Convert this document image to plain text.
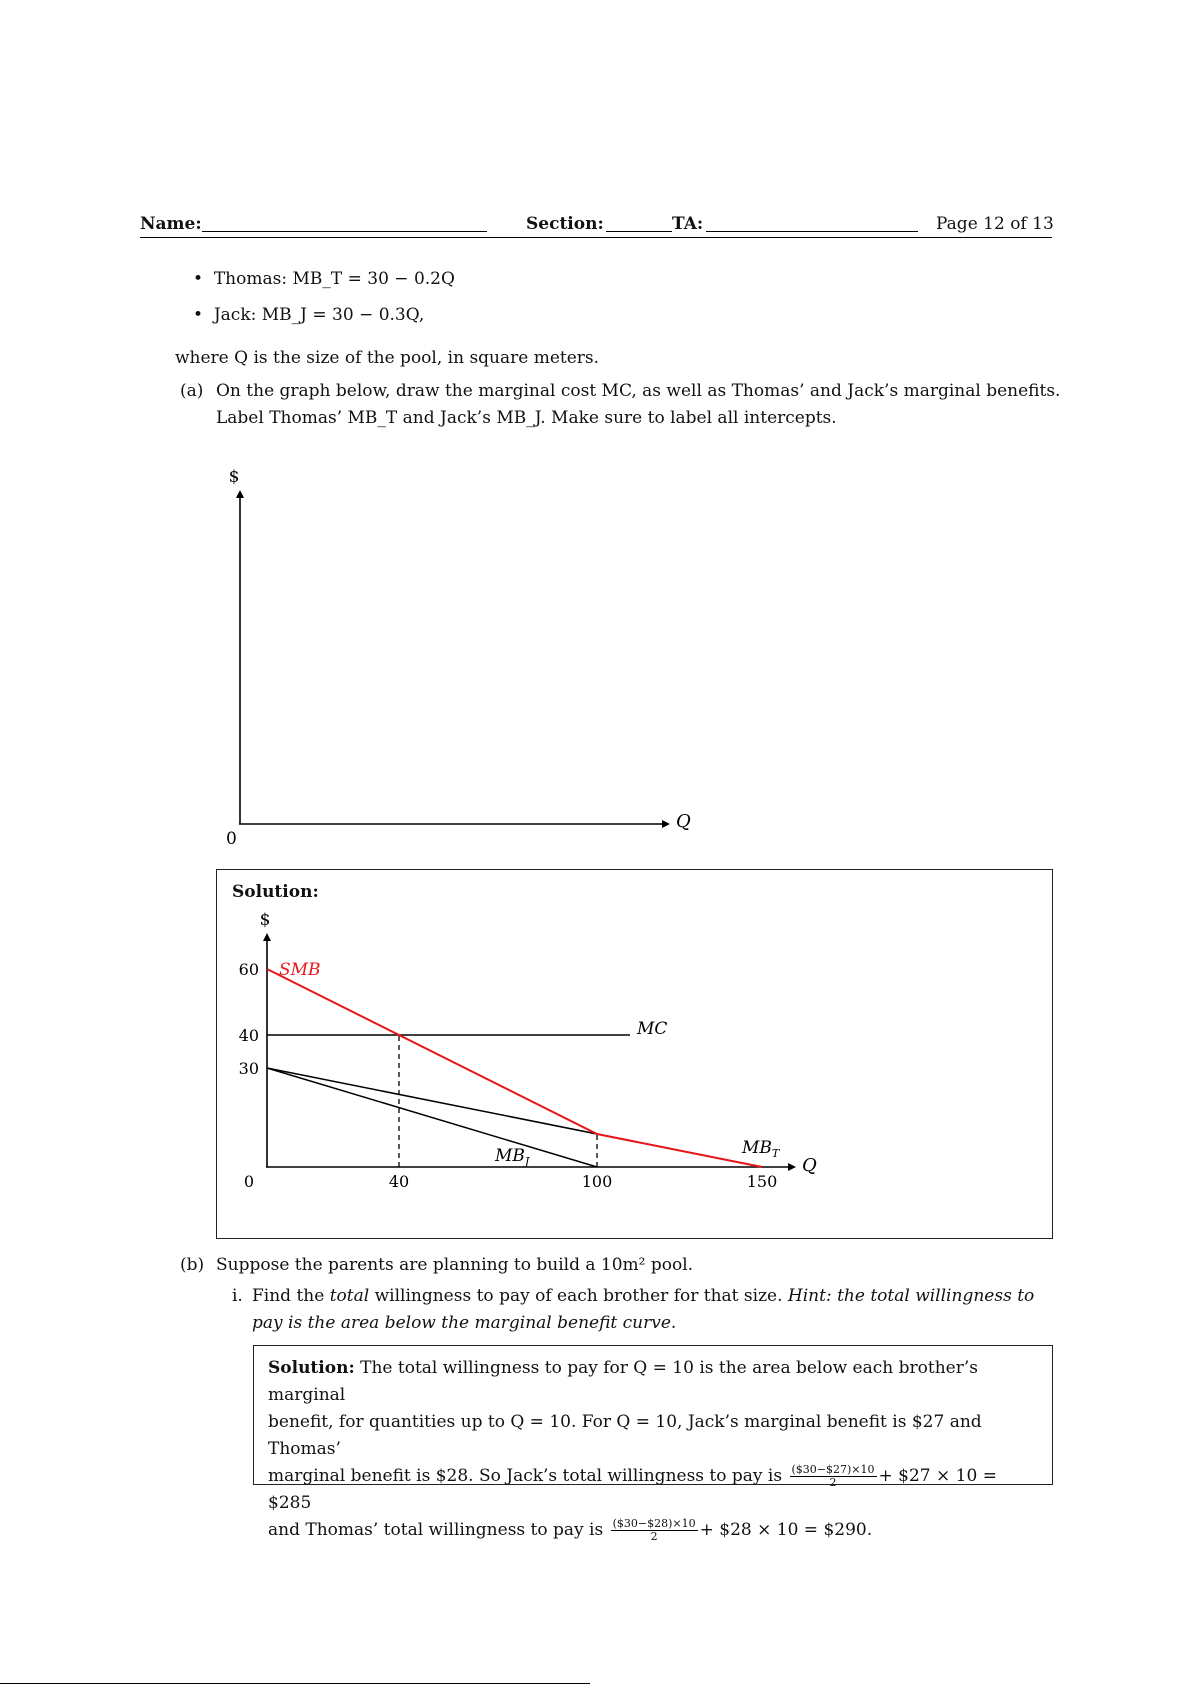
Name:	Section:	TA:	Page 12 of 13
•  Thomas: MB_T = 30 − 0.2Q
•  Jack: MB_J = 30 − 0.3Q,
where Q is the size of the pool, in square meters.
(a) On the graph below, draw the marginal cost MC, as well as Thomas’ and Jack’s marginal benefits.
Label Thomas’ MB_T and Jack’s MB_J. Make sure to label all intercepts.
$
Q
0
Solution:
$
Q
0	40	100	150
30
40
60 SMB
MC
$MB_J$
$MB_T$
(b) Suppose the parents are planning to build a 10m² pool.
i. Find the total willingness to pay of each brother for that size. Hint: the total willingness to
pay is the area below the marginal benefit curve.
Solution: The total willingness to pay for Q = 10 is the area below each brother’s marginal
benefit, for quantities up to Q = 10. For Q = 10, Jack’s marginal benefit is $27 and Thomas’
marginal benefit is $28. So Jack’s total willingness to pay is $\frac{(\$30-\$27)\times 10}{2}$ + $27 × 10 = $285
and Thomas’ total willingness to pay is $\frac{(\$30-\$28)\times 10}{2}$ + $28 × 10 = $290.
